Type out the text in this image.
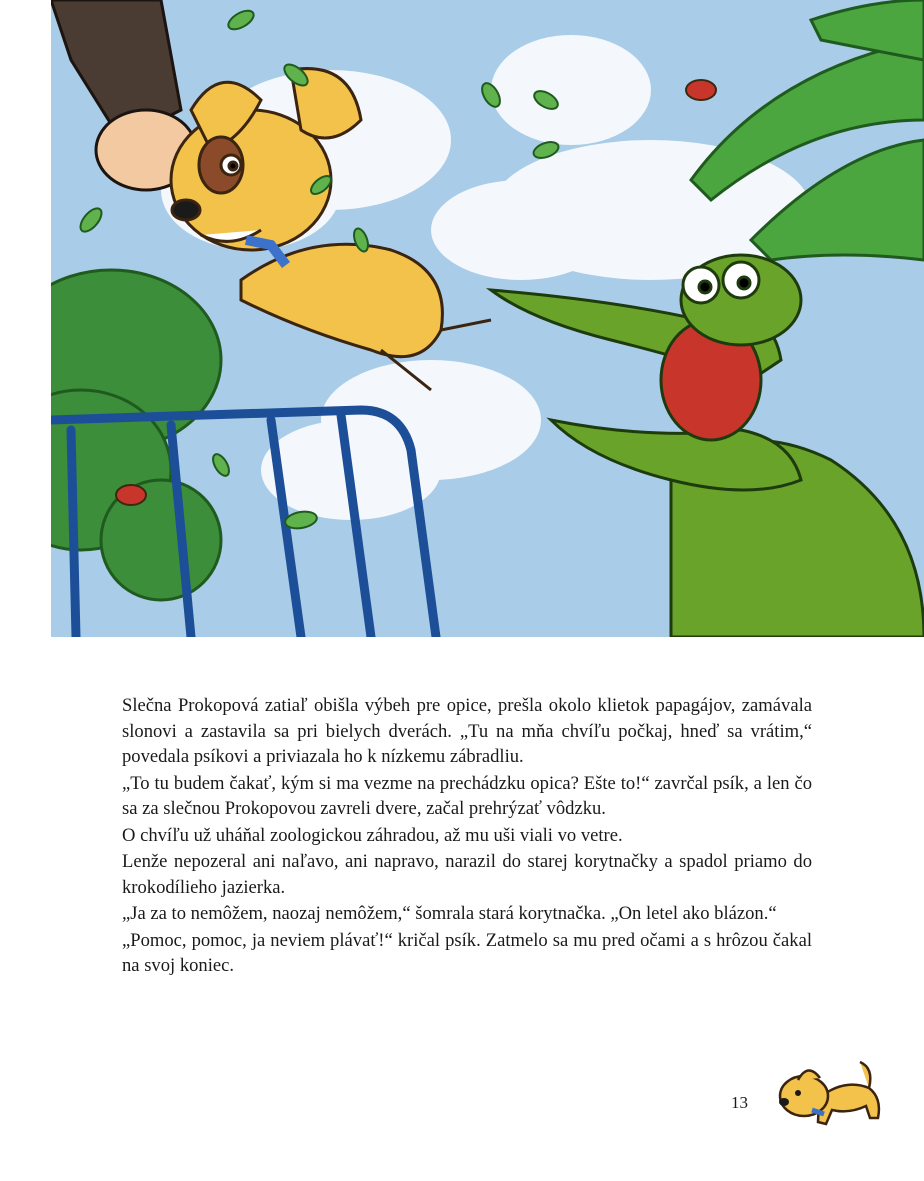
Slečna Prokopová zatiaľ obišla výbeh pre opice, prešla okolo klietok papagájov, zamávala slonovi a zastavila sa pri bielych dverách. „Tu na mňa chvíľu počkaj, hneď sa vrátim,“ povedala psíkovi a priviazala ho k nízkemu zábradliu.

„To tu budem čakať, kým si ma vezme na prechádzku opica? Ešte to!“ zavrčal psík, a len čo sa za slečnou Prokopovou zavreli dvere, začal prehrýzať vôdzku.

O chvíľu už uháňal zoologickou záhradou, až mu uši viali vo vetre.

Lenže nepozeral ani naľavo, ani napravo, narazil do starej korytnačky a spadol priamo do krokodílieho jazierka.

„Ja za to nemôžem, naozaj nemôžem,“ šomrala stará korytnačka. „On letel ako blázon.“

„Pomoc, pomoc, ja neviem plávať!“ kričal psík. Zatmelo sa mu pred očami a s hrôzou čakal na svoj koniec.

13
